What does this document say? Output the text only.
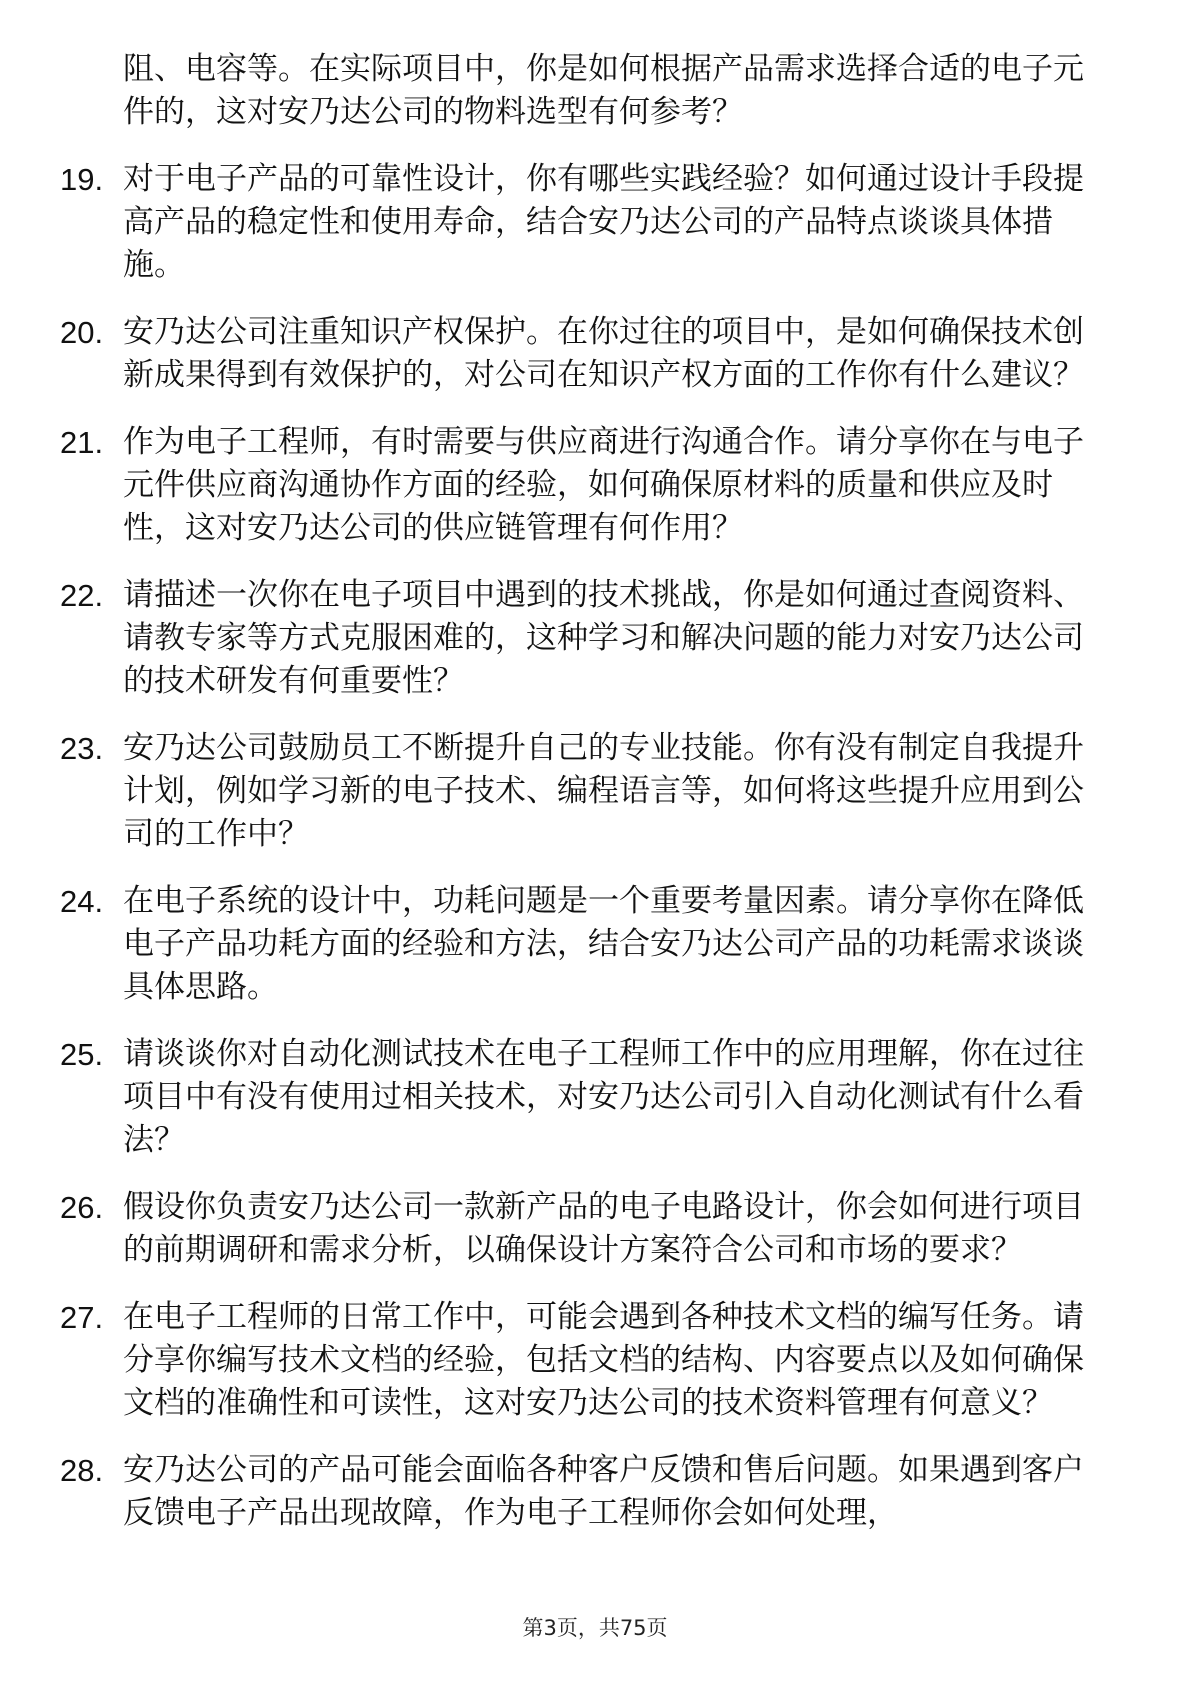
阻、电容等。在实际项目中，你是如何根据产品需求选择合适的电子元件的，这对安乃达公司的物料选型有何参考？
19. 对于电子产品的可靠性设计，你有哪些实践经验？如何通过设计手段提高产品的稳定性和使用寿命，结合安乃达公司的产品特点谈谈具体措施。
20. 安乃达公司注重知识产权保护。在你过往的项目中，是如何确保技术创新成果得到有效保护的，对公司在知识产权方面的工作你有什么建议？
21. 作为电子工程师，有时需要与供应商进行沟通合作。请分享你在与电子元件供应商沟通协作方面的经验，如何确保原材料的质量和供应及时性，这对安乃达公司的供应链管理有何作用？
22. 请描述一次你在电子项目中遇到的技术挑战，你是如何通过查阅资料、请教专家等方式克服困难的，这种学习和解决问题的能力对安乃达公司的技术研发有何重要性？
23. 安乃达公司鼓励员工不断提升自己的专业技能。你有没有制定自我提升计划，例如学习新的电子技术、编程语言等，如何将这些提升应用到公司的工作中？
24. 在电子系统的设计中，功耗问题是一个重要考量因素。请分享你在降低电子产品功耗方面的经验和方法，结合安乃达公司产品的功耗需求谈谈具体思路。
25. 请谈谈你对自动化测试技术在电子工程师工作中的应用理解，你在过往项目中有没有使用过相关技术，对安乃达公司引入自动化测试有什么看法？
26. 假设你负责安乃达公司一款新产品的电子电路设计，你会如何进行项目的前期调研和需求分析，以确保设计方案符合公司和市场的要求？
27. 在电子工程师的日常工作中，可能会遇到各种技术文档的编写任务。请分享你编写技术文档的经验，包括文档的结构、内容要点以及如何确保文档的准确性和可读性，这对安乃达公司的技术资料管理有何意义？
28. 安乃达公司的产品可能会面临各种客户反馈和售后问题。如果遇到客户反馈电子产品出现故障，作为电子工程师你会如何处理，
第3页，共75页
